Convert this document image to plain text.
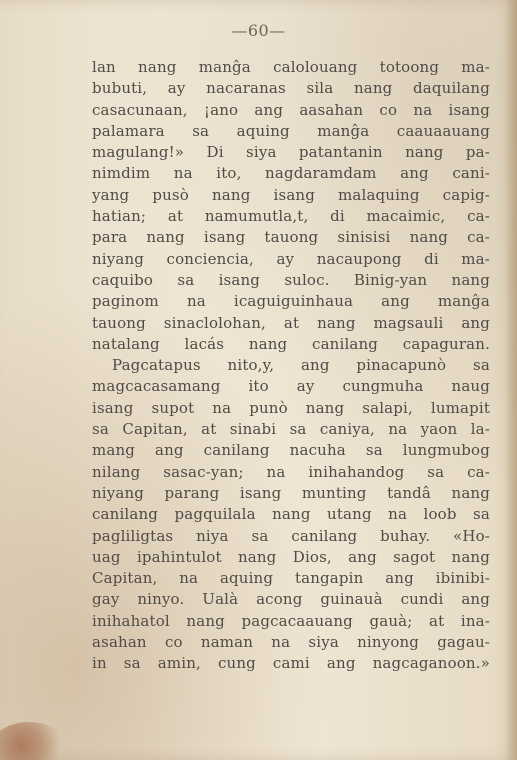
—60—
lan nang manĝa calolouang totoong ma-
bubuti, ay nacaranas sila nang daquilang
casacunaan, ¡ano ang aasahan co na isang
palamara sa aquing manĝa caauaauang
magulang!» Di siya patantanin nang pa-
nimdim na ito, nagdaramdam ang cani-
yang pusò nang isang malaquing capig-
hatian; at namumutla,t, di macaimic, ca-
para nang isang tauong sinisisi nang ca-
niyang concienciа, ay nacaupong di ma-
caquibo sa isang suloc. Binig-yan nang
paginom na icaguiguinhaua ang manĝa
tauong sinaclolohan, at nang magsauli ang
natalang lacás nang canilang capaguran.
Pagcatapus nito,y, ang pinacapunò sa
magcacasamang ito ay cungmuha naug
isang supot na punò nang salapi, lumapit
sa Capitan, at sinabi sa caniya, na yaon la-
mang ang canilang nacuha sa lungmubog
nilang sasac-yan; na inihahandog sa ca-
niyang parang isang munting tandâ nang
canilang pagquilala nang utang na loob sa
pagliligtas niya sa canilang buhay. «Ho-
uag ipahintulot nang Dios, ang sagot nang
Capitan, na aquing tangapin ang ibinibi-
gay ninyo. Ualà acong guinauà cundi ang
inihahatol nang pagcacaauang gauà; at ina-
asahan co naman na siya ninyong gagau-
in sa amin, cung cami ang nagcaganoon.»
